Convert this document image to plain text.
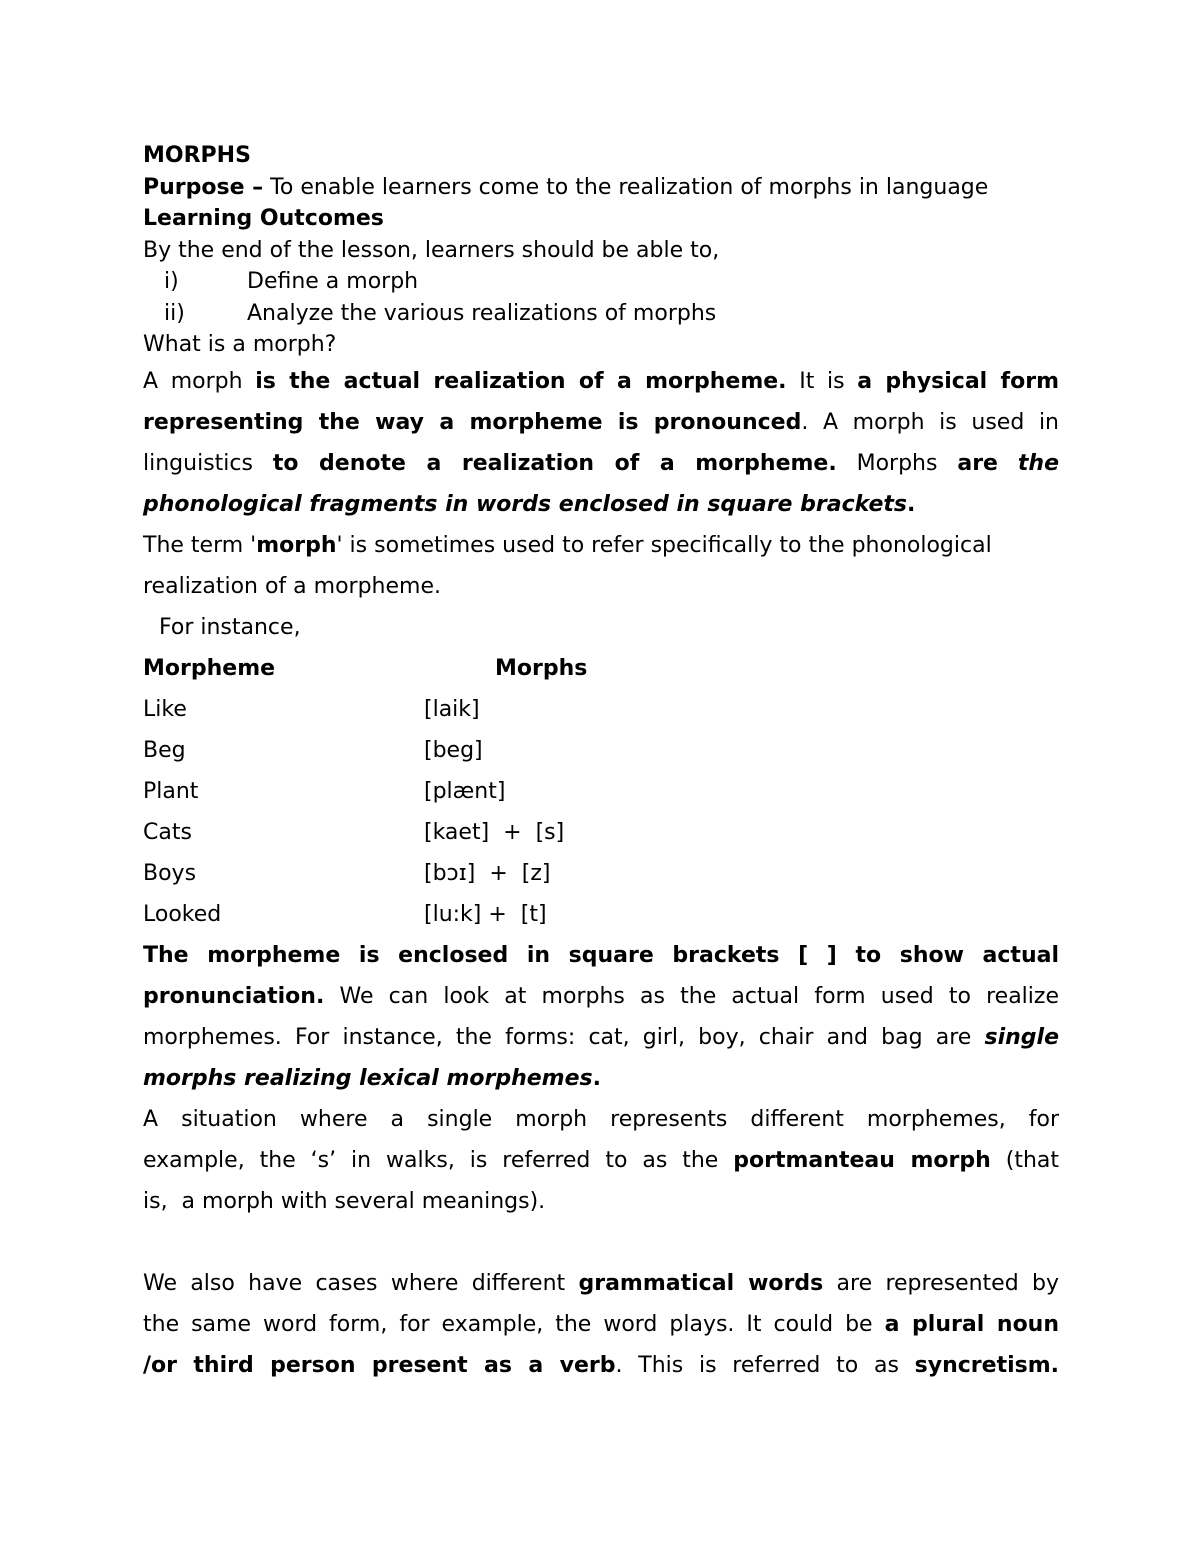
MORPHS
Purpose – To enable learners come to the realization of morphs in language
Learning Outcomes
By the end of the lesson, learners should be able to,
i)	Define a morph
ii)	Analyze the various realizations of morphs
What is a morph?
A morph is the actual realization of a morpheme. It is a physical form
representing the way a morpheme is pronounced. A morph is used in
linguistics to denote a realization of a morpheme. Morphs are the
phonological fragments in words enclosed in square brackets.
The term 'morph' is sometimes used to refer specifically to the phonological
realization of a morpheme.
For instance,
Morpheme	Morphs
Like	[laik]
Beg	[beg]
Plant	[plænt]
Cats	[kaet]  +  [s]
Boys	[bɔɪ]  +  [z]
Looked	[lu:k] +  [t]
The morpheme is enclosed in square brackets [ ] to show actual
pronunciation. We can look at morphs as the actual form used to realize
morphemes. For instance, the forms: cat, girl, boy, chair and bag are single
morphs realizing lexical morphemes.
A situation where a single morph represents different morphemes, for
example, the ‘s’ in walks, is referred to as the portmanteau morph (that
is,  a morph with several meanings).
We also have cases where different grammatical words are represented by
the same word form, for example, the word plays. It could be a plural noun
/or third person present as a verb. This is referred to as syncretism.
